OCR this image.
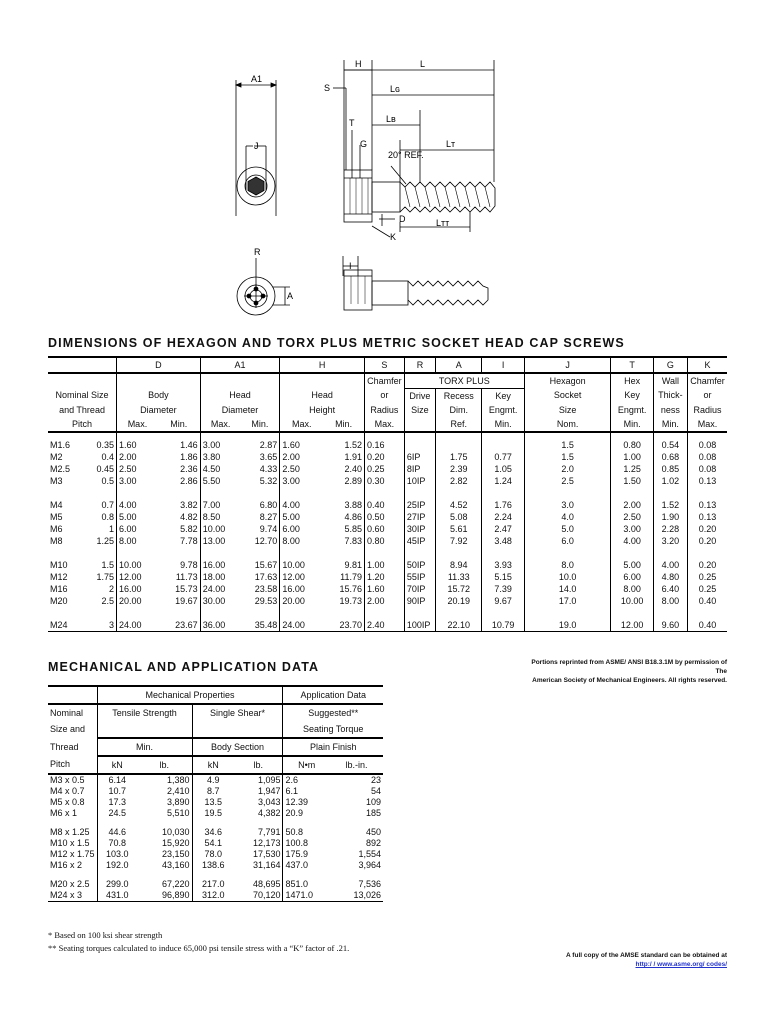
A1
J
R
A
H	L
S	Lɢ
T	Lв
G
20° REF.
Lᴛ
D
K
Lᴛᴛ
I
DIMENSIONS OF HEXAGON AND TORX PLUS METRIC SOCKET HEAD CAP SCREWS
		D		A1		H		S	R	A	I	J	T	G	K
								Chamfer	TORX PLUS			Hexagon	Hex	Wall	Chamfer
Nominal Size		Body		Head		Head		or	Drive	Recess	Key	Socket	Key	Thick-	or
and Thread		Diameter		Diameter		Height		Radius	Size	Dim.	Engmt.	Size	Engmt.	ness	Radius
Pitch		Max.	Min.	Max.	Min.	Max.	Min.	Max.		Ref.	Min.	Nom.	Min.	Min.	Max.
M1.6	0.35	1.60	1.46	3.00	2.87	1.60	1.52	0.16				1.5	0.80	0.54	0.08
M2	0.4	2.00	1.86	3.80	3.65	2.00	1.91	0.20	6IP	1.75	0.77	1.5	1.00	0.68	0.08
M2.5	0.45	2.50	2.36	4.50	4.33	2.50	2.40	0.25	8IP	2.39	1.05	2.0	1.25	0.85	0.08
M3	0.5	3.00	2.86	5.50	5.32	3.00	2.89	0.30	10IP	2.82	1.24	2.5	1.50	1.02	0.13

M4	0.7	4.00	3.82	7.00	6.80	4.00	3.88	0.40	25IP	4.52	1.76	3.0	2.00	1.52	0.13
M5	0.8	5.00	4.82	8.50	8.27	5.00	4.86	0.50	27IP	5.08	2.24	4.0	2.50	1.90	0.13
M6	1	6.00	5.82	10.00	9.74	6.00	5.85	0.60	30IP	5.61	2.47	5.0	3.00	2.28	0.20
M8	1.25	8.00	7.78	13.00	12.70	8.00	7.83	0.80	45IP	7.92	3.48	6.0	4.00	3.20	0.20

M10	1.5	10.00	9.78	16.00	15.67	10.00	9.81	1.00	50IP	8.94	3.93	8.0	5.00	4.00	0.20
M12	1.75	12.00	11.73	18.00	17.63	12.00	11.79	1.20	55IP	11.33	5.15	10.0	6.00	4.80	0.25
M16	2	16.00	15.73	24.00	23.58	16.00	15.76	1.60	70IP	15.72	7.39	14.0	8.00	6.40	0.25
M20	2.5	20.00	19.67	30.00	29.53	20.00	19.73	2.00	90IP	20.19	9.67	17.0	10.00	8.00	0.40

M24	3	24.00	23.67	36.00	35.48	24.00	23.70	2.40	100IP	22.10	10.79	19.0	12.00	9.60	0.40
MECHANICAL AND APPLICATION DATA	Portions reprinted from ASME/ ANSI B18.3.1M by permission of The
American Society of Mechanical Engineers. All rights reserved.
	Mechanical Properties				Application Data	
Nominal	Tensile Strength		Single Shear*		Suggested**	
Size and					Seating Torque	
Thread	Min.		Body Section		Plain Finish	
Pitch	kN	lb.	kN	lb.	N•m	lb.-in.
M3 x 0.5	6.14	1,380	4.9	1,095	2.6	23
M4 x 0.7	10.7	2,410	8.7	1,947	6.1	54
M5 x 0.8	17.3	3,890	13.5	3,043	12.39	109
M6 x 1	24.5	5,510	19.5	4,382	20.9	185

M8 x 1.25	44.6	10,030	34.6	7,791	50.8	450
M10 x 1.5	70.8	15,920	54.1	12,173	100.8	892
M12 x 1.75	103.0	23,150	78.0	17,530	175.9	1,554
M16 x 2	192.0	43,160	138.6	31,164	437.0	3,964

M20 x 2.5	299.0	67,220	217.0	48,695	851.0	7,536
M24 x 3	431.0	96,890	312.0	70,120	1471.0	13,026
* Based on 100 ksi shear strength
** Seating torques calculated to induce 65,000 psi tensile stress with a “K” factor of .21.
A full copy of the AMSE standard can be obtained at
http:/ / www.asme.org/ codes/
